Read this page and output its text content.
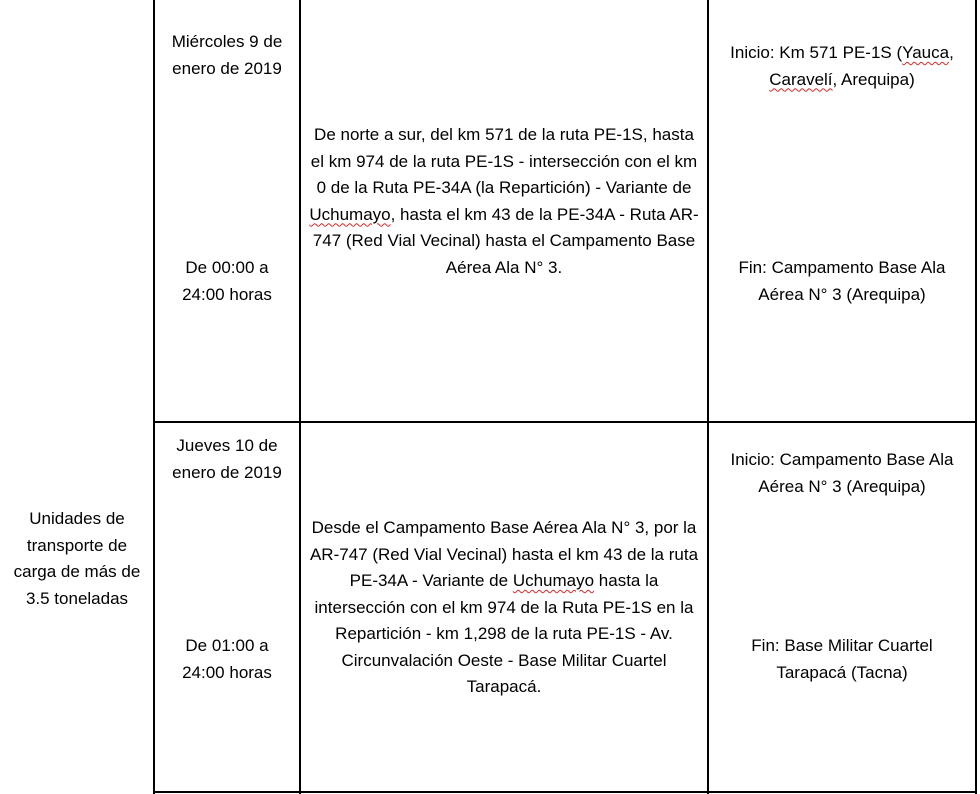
Unidades de transporte de carga de más de 3.5 toneladas
Miércoles 9 de enero de 2019
De 00:00 a 24:00 horas
De norte a sur, del km 571 de la ruta PE-1S, hasta el km 974 de la ruta PE-1S - intersección con el km 0 de la Ruta PE-34A (la Repartición) - Variante de Uchumayo, hasta el km 43 de la PE-34A - Ruta AR-747 (Red Vial Vecinal) hasta el Campamento Base Aérea Ala N° 3.
Inicio: Km 571 PE-1S (Yauca, Caravelí, Arequipa)
Fin: Campamento Base Ala Aérea N° 3 (Arequipa)
Jueves 10 de enero de 2019
De 01:00 a 24:00 horas
Desde el Campamento Base Aérea Ala N° 3, por la AR-747 (Red Vial Vecinal) hasta el km 43 de la ruta PE-34A - Variante de Uchumayo hasta la intersección con el km 974 de la Ruta PE-1S en la Repartición - km 1,298 de la ruta PE-1S - Av. Circunvalación Oeste - Base Militar Cuartel Tarapacá.
Inicio: Campamento Base Ala Aérea N° 3 (Arequipa)
Fin: Base Militar Cuartel Tarapacá (Tacna)
